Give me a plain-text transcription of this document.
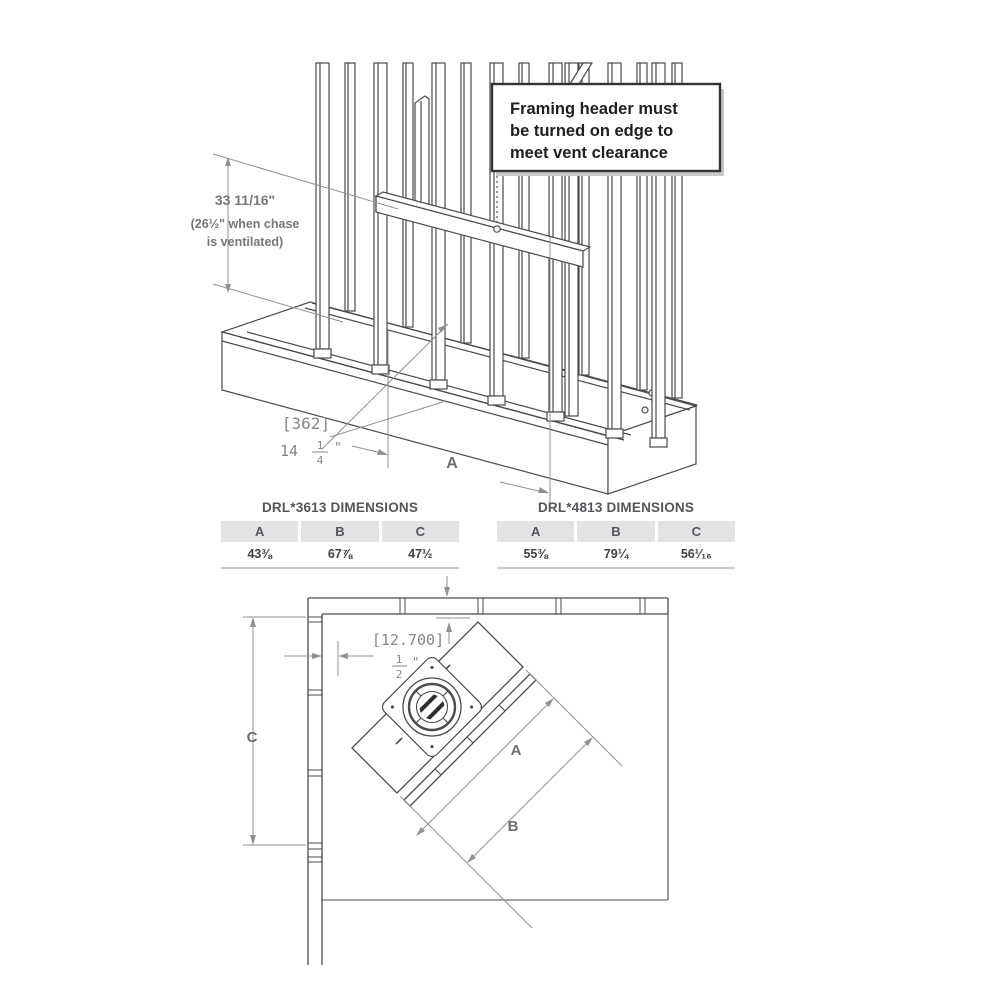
33 11/16"
(26½" when chase
is ventilated)
[362]
14 1
4
"
A
Framing header must
be turned on edge to
meet vent clearance
C
A
B
[12.700]
1
2
"
DRL*3613 DIMENSIONS
A	B	C
43⅜	67⅞	47½
DRL*4813 DIMENSIONS
A	B	C
55⅜	79¼	56¹⁄₁₆
